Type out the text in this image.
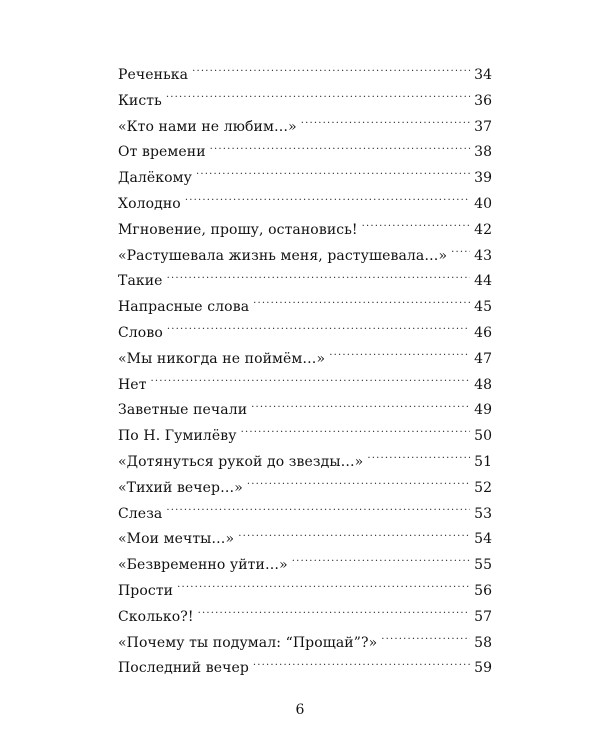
Реченька .....	34
Кисть .....	36
«Кто нами не любим…» .....	37
От времени .....	38
Далёкому .....	39
Холодно .....	40
Мгновение, прошу, остановись! .....	42
«Растушевала жизнь меня, растушевала…» ..... 43
Такие .....	44
Напрасные слова .....	45
Слово .....	46
«Мы никогда не поймём…» .....	47
Нет .....	48
Заветные печали .....	49
По Н. Гумилёву .....	50
«Дотянуться рукой до звезды…» .....	51
«Тихий вечер…» .....	52
Слеза .....	53
«Мои мечты…» .....	54
«Безвременно уйти…» .....	55
Прости .....	56
Сколько?! .....	57
«Почему ты подумал: “Прощай”?» .....	58
Последний вечер .....	59
6
